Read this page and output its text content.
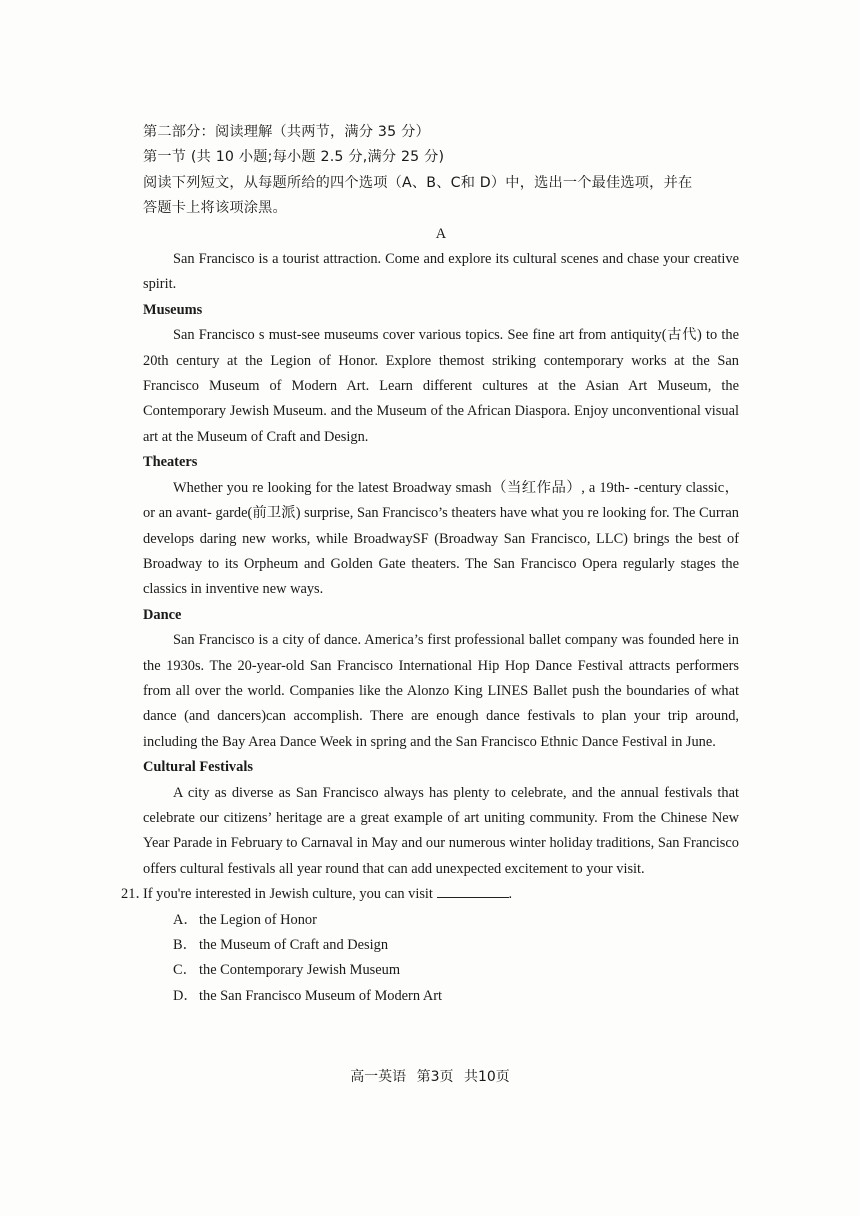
第二部分：阅读理解（共两节，满分 35 分）
第一节 (共 10 小题;每小题 2.5 分,满分 25 分)
阅读下列短文，从每题所给的四个选项（A、B、C和 D）中，选出一个最佳选项，并在
答题卡上将该项涂黑。
A
San Francisco is a tourist attraction. Come and explore its cultural scenes and chase your creative spirit.
Museums
San Francisco s must-see museums cover various topics. See fine art from antiquity(古代) to the 20th century at the Legion of Honor. Explore themost striking contemporary works at the San Francisco Museum of Modern Art. Learn different cultures at the Asian Art Museum, the Contemporary Jewish Museum. and the Museum of the African Diaspora. Enjoy unconventional visual art at the Museum of Craft and Design.
Theaters
Whether you re looking for the latest Broadway smash（当红作品）, a 19th- -century classic， or an avant- garde(前卫派) surprise, San Francisco’s theaters have what you re looking for. The Curran develops daring new works, while BroadwaySF (Broadway San Francisco, LLC) brings the best of Broadway to its Orpheum and Golden Gate theaters. The San Francisco Opera regularly stages the classics in inventive new ways.
Dance
San Francisco is a city of dance. America’s first professional ballet company was founded here in the 1930s. The 20-year-old San Francisco International Hip Hop Dance Festival attracts performers from all over the world. Companies like the Alonzo King LINES Ballet push the boundaries of what dance (and dancers)can accomplish. There are enough dance festivals to plan your trip around, including the Bay Area Dance Week in spring and the San Francisco Ethnic Dance Festival in June.
Cultural Festivals
A city as diverse as San Francisco always has plenty to celebrate, and the annual festivals that celebrate our citizens’ heritage are a great example of art uniting community. From the Chinese New Year Parade in February to Carnaval in May and our numerous winter holiday traditions, San Francisco offers cultural festivals all year round that can add unexpected excitement to your visit.
21．
If you're interested in Jewish culture, you can visit	.
A．the Legion of Honor
B． the Museum of Craft and Design
C． the Contemporary Jewish Museum
D．the San Francisco Museum of Modern Art
高一英语 第3页 共10页
